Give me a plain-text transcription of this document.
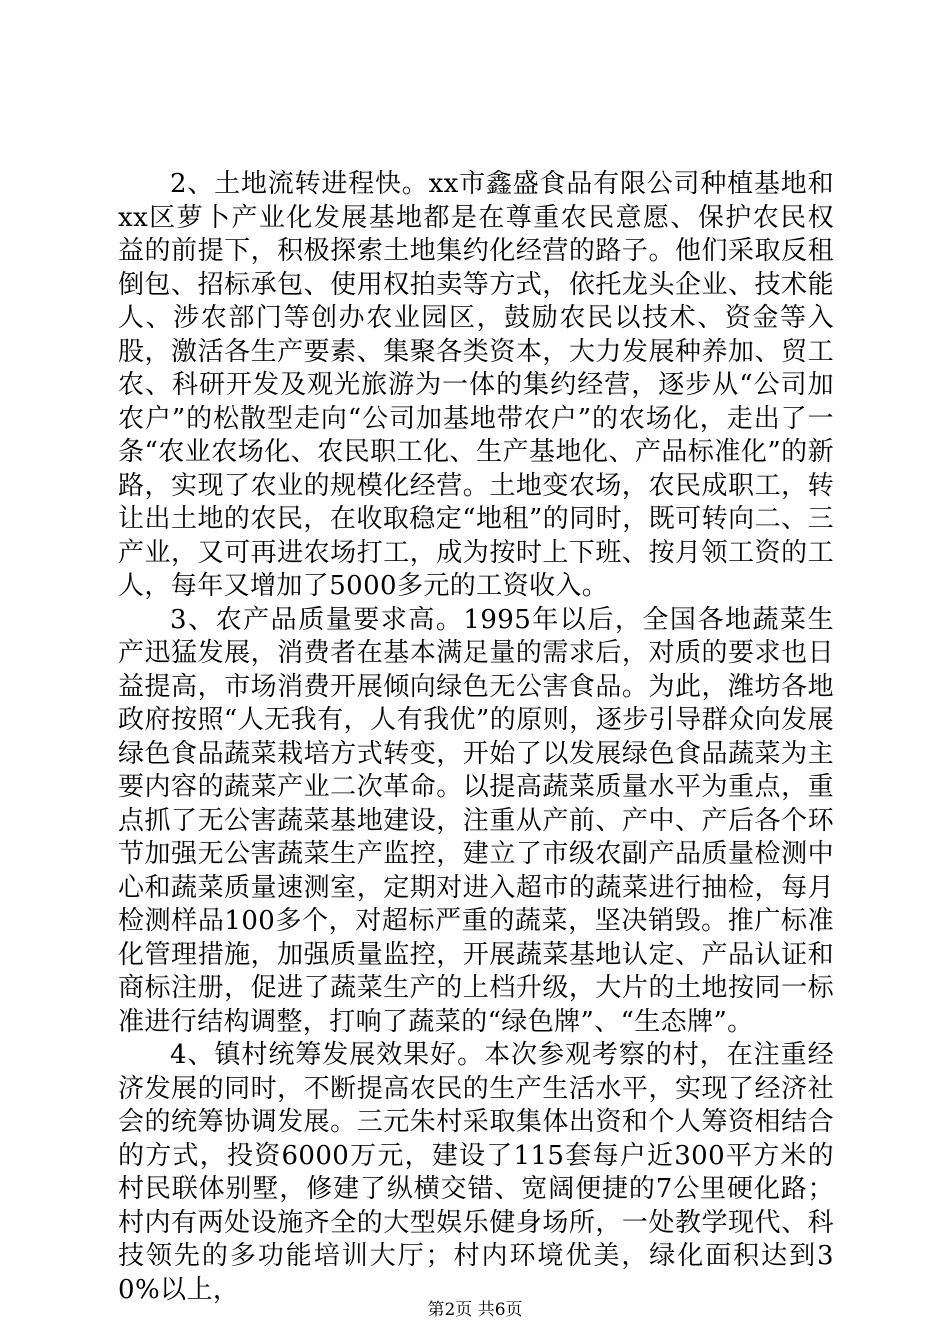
2、土地流转进程快。xx市鑫盛食品有限公司种植基地和xx区萝卜产业化发展基地都是在尊重农民意愿、保护农民权益的前提下，积极探索土地集约化经营的路子。他们采取反租倒包、招标承包、使用权拍卖等方式，依托龙头企业、技术能人、涉农部门等创办农业园区，鼓励农民以技术、资金等入股，激活各生产要素、集聚各类资本，大力发展种养加、贸工农、科研开发及观光旅游为一体的集约经营，逐步从“公司加农户”的松散型走向“公司加基地带农户”的农场化，走出了一条“农业农场化、农民职工化、生产基地化、产品标准化”的新路，实现了农业的规模化经营。土地变农场，农民成职工，转让出土地的农民，在收取稳定“地租”的同时，既可转向二、三产业，又可再进农场打工，成为按时上下班、按月领工资的工人，每年又增加了5000多元的工资收入。

3、农产品质量要求高。1995年以后，全国各地蔬菜生产迅猛发展，消费者在基本满足量的需求后，对质的要求也日益提高，市场消费开展倾向绿色无公害食品。为此，潍坊各地政府按照“人无我有，人有我优”的原则，逐步引导群众向发展绿色食品蔬菜栽培方式转变，开始了以发展绿色食品蔬菜为主要内容的蔬菜产业二次革命。以提高蔬菜质量水平为重点，重点抓了无公害蔬菜基地建设，注重从产前、产中、产后各个环节加强无公害蔬菜生产监控，建立了市级农副产品质量检测中心和蔬菜质量速测室，定期对进入超市的蔬菜进行抽检，每月检测样品100多个，对超标严重的蔬菜，坚决销毁。推广标准化管理措施，加强质量监控，开展蔬菜基地认定、产品认证和商标注册，促进了蔬菜生产的上档升级，大片的土地按同一标准进行结构调整，打响了蔬菜的“绿色牌”、“生态牌”。

4、镇村统筹发展效果好。本次参观考察的村，在注重经济发展的同时，不断提高农民的生产生活水平，实现了经济社会的统筹协调发展。三元朱村采取集体出资和个人筹资相结合的方式，投资6000万元，建设了115套每户近300平方米的村民联体别墅，修建了纵横交错、宽阔便捷的7公里硬化路；村内有两处设施齐全的大型娱乐健身场所，一处教学现代、科技领先的多功能培训大厅；村内环境优美，绿化面积达到30%以上，

第2页 共6页
